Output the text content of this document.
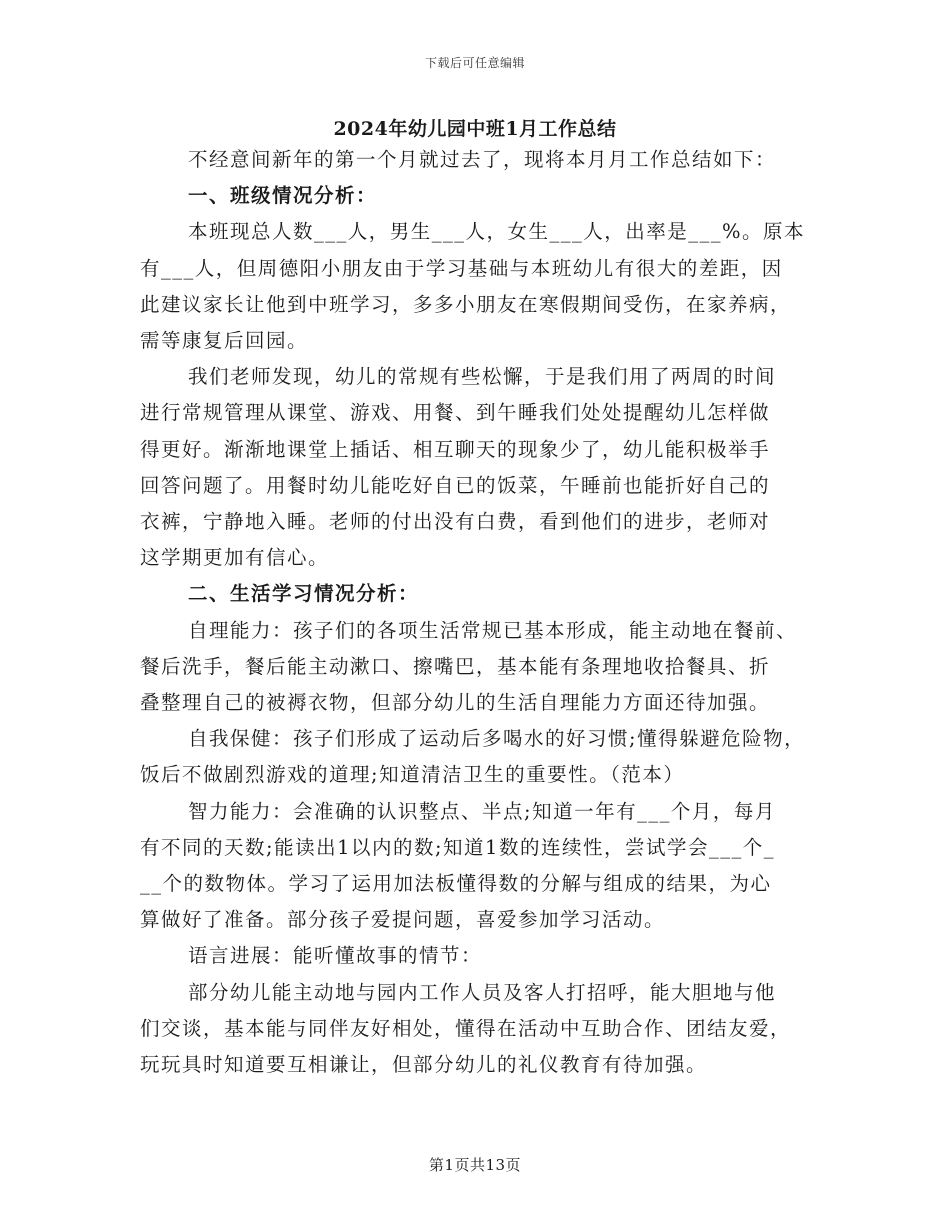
下载后可任意编辑
2024年幼儿园中班1月工作总结
不经意间新年的第一个月就过去了，现将本月月工作总结如下：
一、班级情况分析：
本班现总人数___人，男生___人，女生___人，出率是___%。原本
有___人，但周德阳小朋友由于学习基础与本班幼儿有很大的差距，因
此建议家长让他到中班学习，多多小朋友在寒假期间受伤，在家养病，
需等康复后回园。
我们老师发现，幼儿的常规有些松懈，于是我们用了两周的时间
进行常规管理从课堂、游戏、用餐、到午睡我们处处提醒幼儿怎样做
得更好。渐渐地课堂上插话、相互聊天的现象少了，幼儿能积极举手
回答问题了。用餐时幼儿能吃好自已的饭菜，午睡前也能折好自己的
衣裤，宁静地入睡。老师的付出没有白费，看到他们的进步，老师对
这学期更加有信心。
二、生活学习情况分析：
自理能力：孩子们的各项生活常规已基本形成，能主动地在餐前、
餐后洗手，餐后能主动漱口、擦嘴巴，基本能有条理地收拾餐具、折
叠整理自己的被褥衣物，但部分幼儿的生活自理能力方面还待加强。
自我保健：孩子们形成了运动后多喝水的好习惯;懂得躲避危险物，
饭后不做剧烈游戏的道理;知道清洁卫生的重要性。（范本）
智力能力：会准确的认识整点、半点;知道一年有___个月，每月
有不同的天数;能读出1以内的数;知道1数的连续性，尝试学会___个_
__个的数物体。学习了运用加法板懂得数的分解与组成的结果，为心
算做好了准备。部分孩子爱提问题，喜爱参加学习活动。
语言进展：能听懂故事的情节：
部分幼儿能主动地与园内工作人员及客人打招呼，能大胆地与他
们交谈，基本能与同伴友好相处，懂得在活动中互助合作、团结友爱，
玩玩具时知道要互相谦让，但部分幼儿的礼仪教育有待加强。
第1页共13页
